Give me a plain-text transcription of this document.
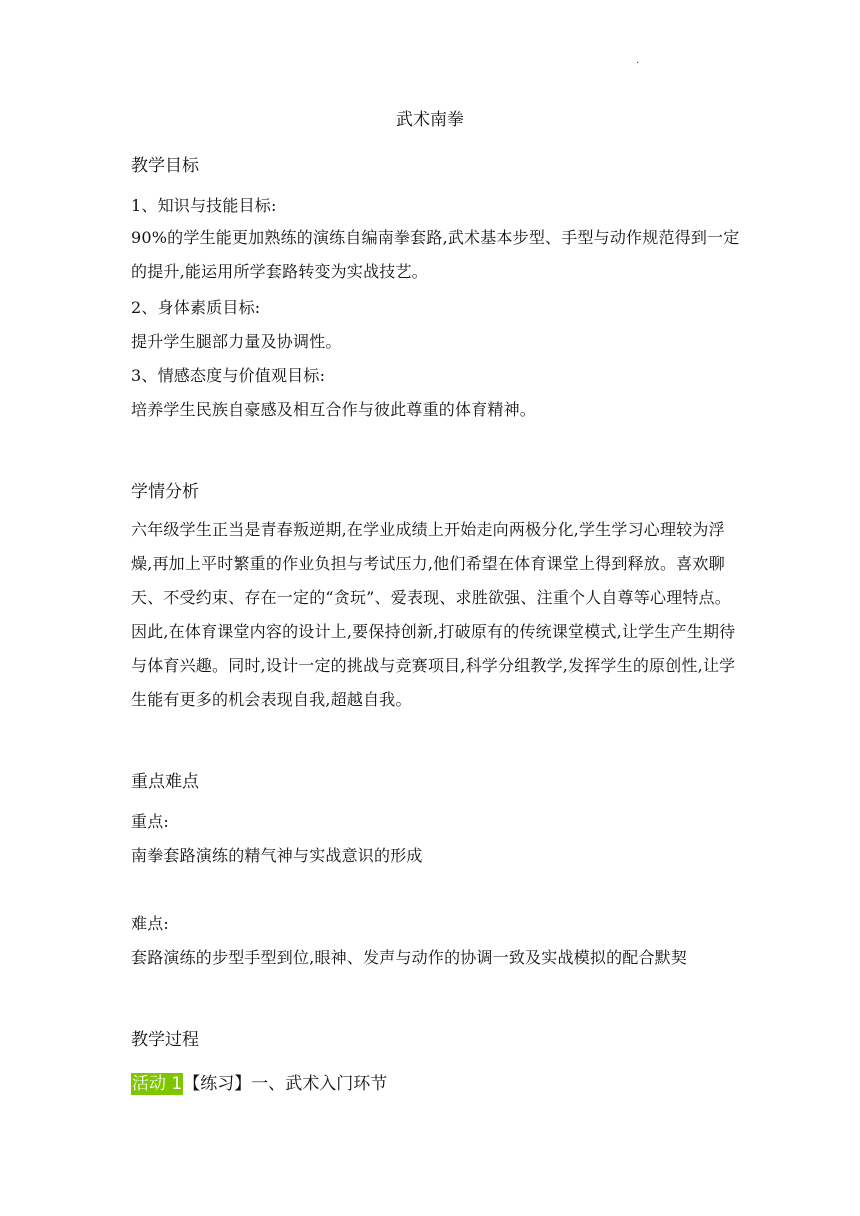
.
武术南拳
教学目标

1、知识与技能目标:

90%的学生能更加熟练的演练自编南拳套路,武术基本步型、手型与动作规范得到一定的提升,能运用所学套路转变为实战技艺。

2、身体素质目标:

提升学生腿部力量及协调性。

3、情感态度与价值观目标:

培养学生民族自豪感及相互合作与彼此尊重的体育精神。

学情分析

六年级学生正当是青春叛逆期,在学业成绩上开始走向两极分化,学生学习心理较为浮燥,再加上平时繁重的作业负担与考试压力,他们希望在体育课堂上得到释放。喜欢聊天、不受约束、存在一定的“贪玩”、爱表现、求胜欲强、注重个人自尊等心理特点。因此,在体育课堂内容的设计上,要保持创新,打破原有的传统课堂模式,让学生产生期待与体育兴趣。同时,设计一定的挑战与竞赛项目,科学分组教学,发挥学生的原创性,让学生能有更多的机会表现自我,超越自我。

重点难点

重点:

南拳套路演练的精气神与实战意识的形成

难点:

套路演练的步型手型到位,眼神、发声与动作的协调一致及实战模拟的配合默契

教学过程
活动 1【练习】一、武术入门环节
